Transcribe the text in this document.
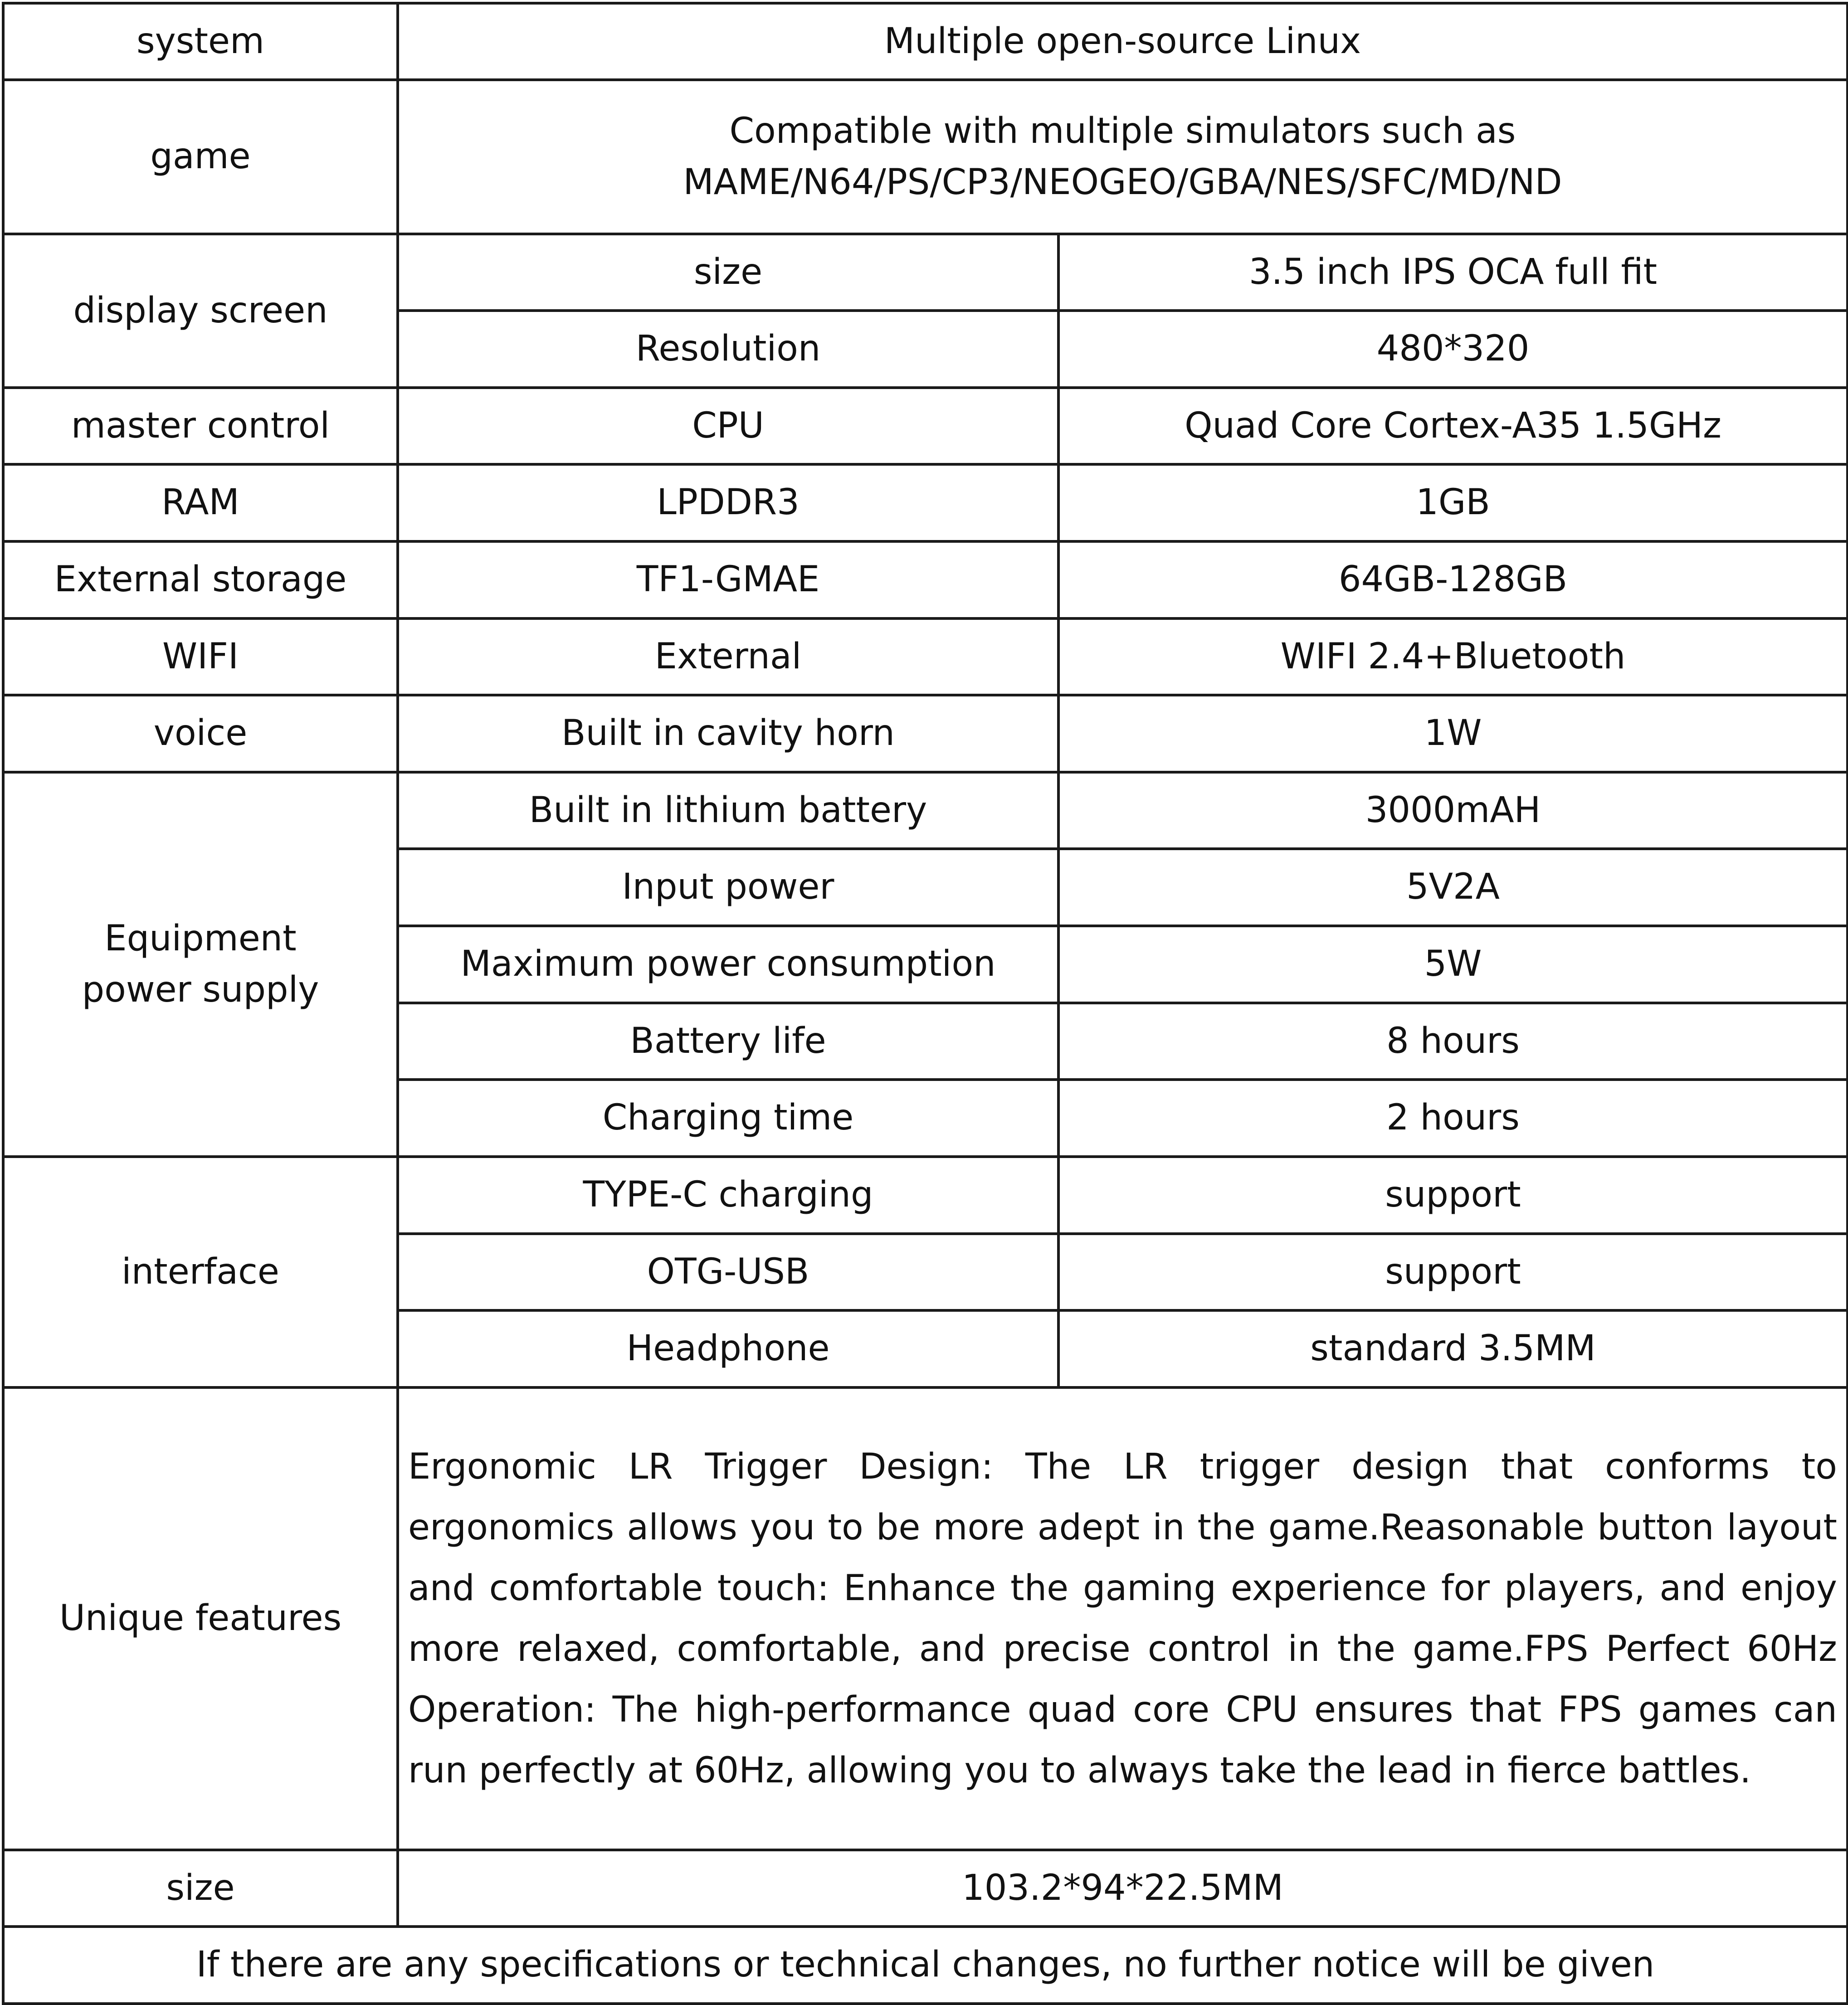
system	Multiple open-source Linux	
game	Compatible with multiple simulators such as
MAME/N64/PS/CP3/NEOGEO/GBA/NES/SFC/MD/ND	

display screen	size	3.5 inch IPS OCA full fit
	Resolution	480*320
master control	CPU	Quad Core Cortex-A35 1.5GHz
RAM	LPDDR3	1GB
External storage	TF1-GMAE	64GB-128GB
WIFI	External	WIFI 2.4+Bluetooth
voice	Built in cavity horn	1W

Equipment
power supply	Built in lithium battery	3000mAH
	Input power	5V2A
	Maximum power consumption	5W
	Battery life	8 hours
	Charging time	2 hours
interface	TYPE-C charging	support
	OTG-USB	support
	Headphone	standard 3.5MM
Unique features	Ergonomic LR Trigger Design: The LR trigger design that conforms to ergonomics allows you to be more adept in the game.Reasonable button layout and comfortable touch: Enhance the gaming experience for players, and enjoy more relaxed, comfortable, and precise control in the game.FPS Perfect 60Hz Operation: The high-performance quad core CPU ensures that FPS games can run perfectly at 60Hz, allowing you to always take the lead in fierce battles.	
size	103.2*94*22.5MM	
If there are any specifications or technical changes, no further notice will be given		
